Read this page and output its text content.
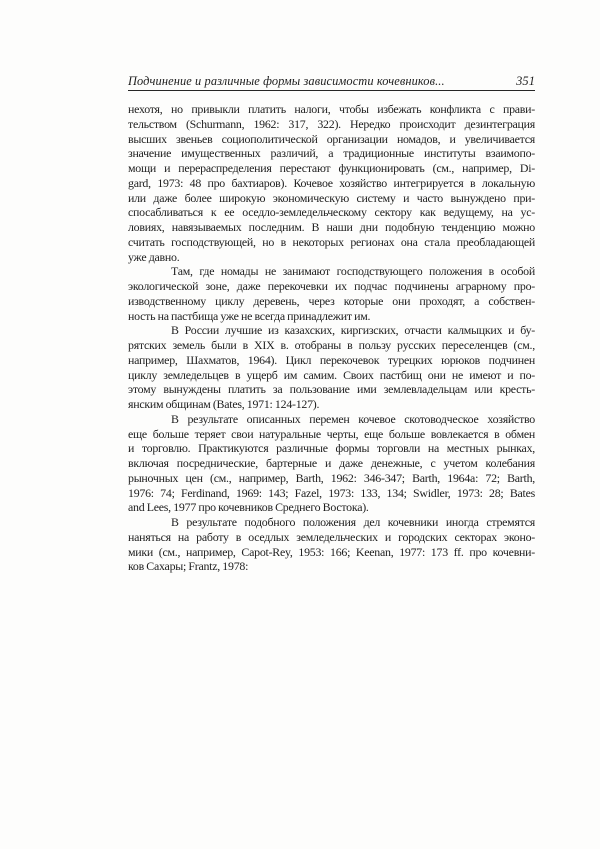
Подчинение и различные формы зависимости кочевников...	351
нехотя, но привыкли платить налоги, чтобы избежать конфликта с прави-
тельством (Schurmann, 1962: 317, 322). Нередко происходит дезинтеграция
высших звеньев социополитической организации номадов, и увеличивается
значение имущественных различий, а традиционные институты взаимопо-
мощи и перераспределения перестают функционировать (см., например, Di-
gard, 1973: 48 про бахтиаров). Кочевое хозяйство интегрируется в локальную
или даже более широкую экономическую систему и часто вынуждено при-
спосабливаться к ее оседло-земледельческому сектору как ведущему, на ус-
ловиях, навязываемых последним. В наши дни подобную тенденцию можно
считать господствующей, но в некоторых регионах она стала преобладающей
уже давно.
Там, где номады не занимают господствующего положения в особой
экологической зоне, даже перекочевки их подчас подчинены аграрному про-
изводственному циклу деревень, через которые они проходят, а собствен-
ность на пастбища уже не всегда принадлежит им.
В России лучшие из казахских, киргизских, отчасти калмыцких и бу-
рятских земель были в XIX в. отобраны в пользу русских переселенцев (см.,
например, Шахматов, 1964). Цикл перекочевок турецких юрюков подчинен
циклу земледельцев в ущерб им самим. Своих пастбищ они не имеют и по-
этому вынуждены платить за пользование ими землевладельцам или кресть-
янским общинам (Bates, 1971: 124-127).
В результате описанных перемен кочевое скотоводческое хозяйство
еще больше теряет свои натуральные черты, еще больше вовлекается в обмен
и торговлю. Практикуются различные формы торговли на местных рынках,
включая посреднические, бартерные и даже денежные, с учетом колебания
рыночных цен (см., например, Barth, 1962: 346-347; Barth, 1964a: 72; Barth,
1976: 74; Ferdinand, 1969: 143; Fazel, 1973: 133, 134; Swidler, 1973: 28; Bates
and Lees, 1977 про кочевников Среднего Востока).
В результате подобного положения дел кочевники иногда стремятся
наняться на работу в оседлых земледельческих и городских секторах эконо-
мики (см., например, Capot-Rey, 1953: 166; Keenan, 1977: 173 ff. про кочевни-
ков Сахары; Frantz, 1978:
